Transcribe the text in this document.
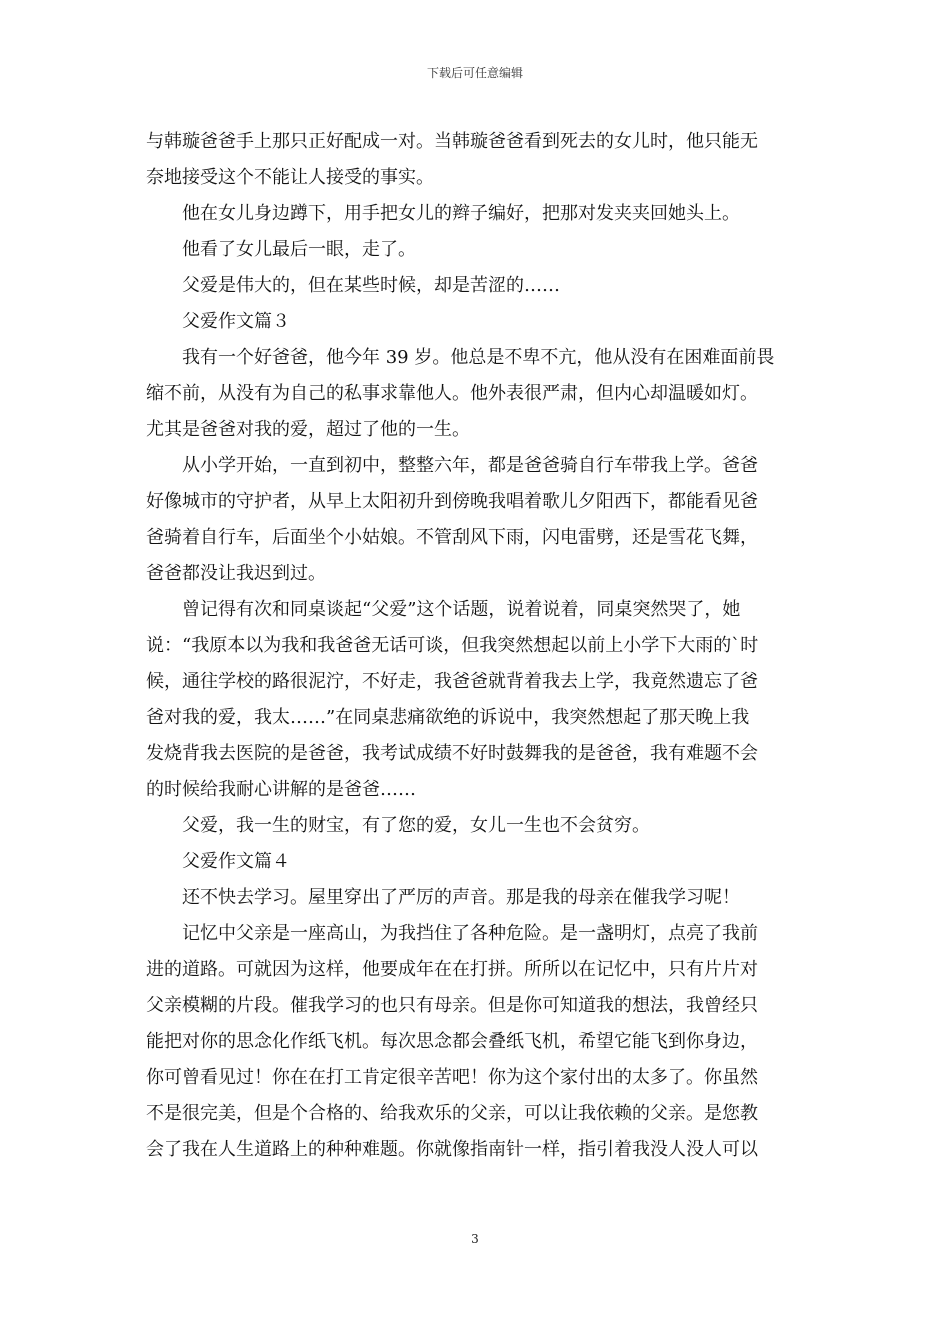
下载后可任意编辑
与韩璇爸爸手上那只正好配成一对。当韩璇爸爸看到死去的女儿时，他只能无
奈地接受这个不能让人接受的事实。
他在女儿身边蹲下，用手把女儿的辫子编好，把那对发夹夹回她头上。
他看了女儿最后一眼，走了。
父爱是伟大的，但在某些时候，却是苦涩的……
父爱作文篇３
我有一个好爸爸，他今年 39 岁。他总是不卑不亢，他从没有在困难面前畏
缩不前，从没有为自己的私事求靠他人。他外表很严肃，但内心却温暖如灯。
尤其是爸爸对我的爱，超过了他的一生。
从小学开始，一直到初中，整整六年，都是爸爸骑自行车带我上学。爸爸
好像城市的守护者，从早上太阳初升到傍晚我唱着歌儿夕阳西下，都能看见爸
爸骑着自行车，后面坐个小姑娘。不管刮风下雨，闪电雷劈，还是雪花飞舞，
爸爸都没让我迟到过。
曾记得有次和同桌谈起“父爱”这个话题，说着说着，同桌突然哭了，她
说：“我原本以为我和我爸爸无话可谈，但我突然想起以前上小学下大雨的`时
候，通往学校的路很泥泞，不好走，我爸爸就背着我去上学，我竟然遗忘了爸
爸对我的爱，我太……”在同桌悲痛欲绝的诉说中，我突然想起了那天晚上我
发烧背我去医院的是爸爸，我考试成绩不好时鼓舞我的是爸爸，我有难题不会
的时候给我耐心讲解的是爸爸……
父爱，我一生的财宝，有了您的爱，女儿一生也不会贫穷。
父爱作文篇４
还不快去学习。屋里穿出了严厉的声音。那是我的母亲在催我学习呢！
记忆中父亲是一座高山，为我挡住了各种危险。是一盏明灯，点亮了我前
进的道路。可就因为这样，他要成年在在打拼。所所以在记忆中，只有片片对
父亲模糊的片段。催我学习的也只有母亲。但是你可知道我的想法，我曾经只
能把对你的思念化作纸飞机。每次思念都会叠纸飞机，希望它能飞到你身边，
你可曾看见过！你在在打工肯定很辛苦吧！你为这个家付出的太多了。你虽然
不是很完美，但是个合格的、给我欢乐的父亲，可以让我依赖的父亲。是您教
会了我在人生道路上的种种难题。你就像指南针一样，指引着我没人没人可以
3
